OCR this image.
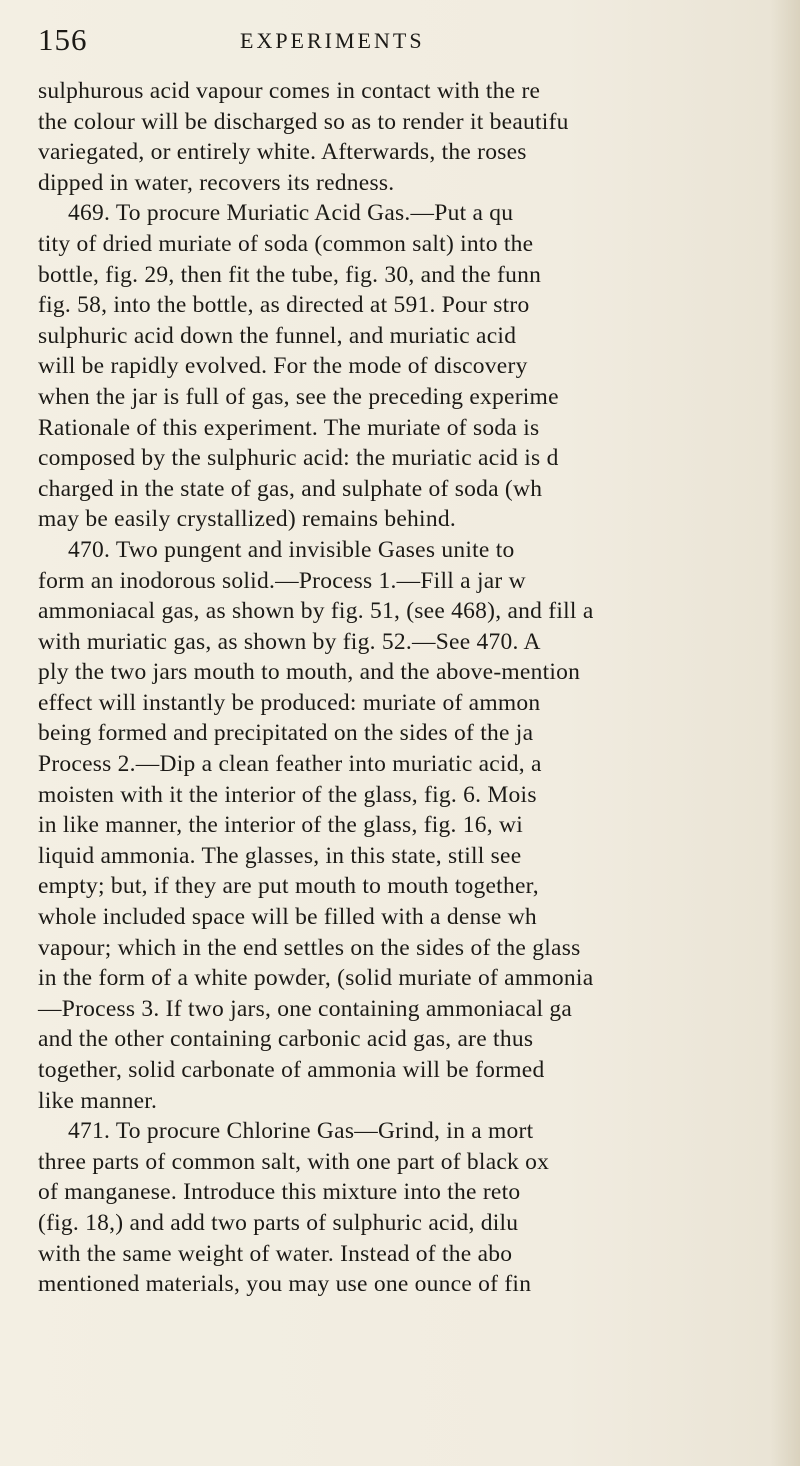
156	EXPERIMENTS
sulphurous acid vapour comes in contact with the re
the colour will be discharged so as to render it beautifu
variegated, or entirely white. Afterwards, the roses
dipped in water, recovers its redness.
469. To procure Muriatic Acid Gas.—Put a qu
tity of dried muriate of soda (common salt) into the
bottle, fig. 29, then fit the tube, fig. 30, and the funn
fig. 58, into the bottle, as directed at 591. Pour stro
sulphuric acid down the funnel, and muriatic acid
will be rapidly evolved. For the mode of discovery
when the jar is full of gas, see the preceding experime
Rationale of this experiment. The muriate of soda is
composed by the sulphuric acid: the muriatic acid is d
charged in the state of gas, and sulphate of soda (wh
may be easily crystallized) remains behind.
470. Two pungent and invisible Gases unite to
form an inodorous solid.—Process 1.—Fill a jar w
ammoniacal gas, as shown by fig. 51, (see 468), and fill a
with muriatic gas, as shown by fig. 52.—See 470. A
ply the two jars mouth to mouth, and the above-mention
effect will instantly be produced: muriate of ammon
being formed and precipitated on the sides of the ja
Process 2.—Dip a clean feather into muriatic acid, a
moisten with it the interior of the glass, fig. 6. Mois
in like manner, the interior of the glass, fig. 16, wi
liquid ammonia. The glasses, in this state, still see
empty; but, if they are put mouth to mouth together,
whole included space will be filled with a dense wh
vapour; which in the end settles on the sides of the glass
in the form of a white powder, (solid muriate of ammonia
—Process 3. If two jars, one containing ammoniacal ga
and the other containing carbonic acid gas, are thus
together, solid carbonate of ammonia will be formed
like manner.
471. To procure Chlorine Gas—Grind, in a mort
three parts of common salt, with one part of black ox
of manganese. Introduce this mixture into the reto
(fig. 18,) and add two parts of sulphuric acid, dilu
with the same weight of water. Instead of the abo
mentioned materials, you may use one ounce of fin
